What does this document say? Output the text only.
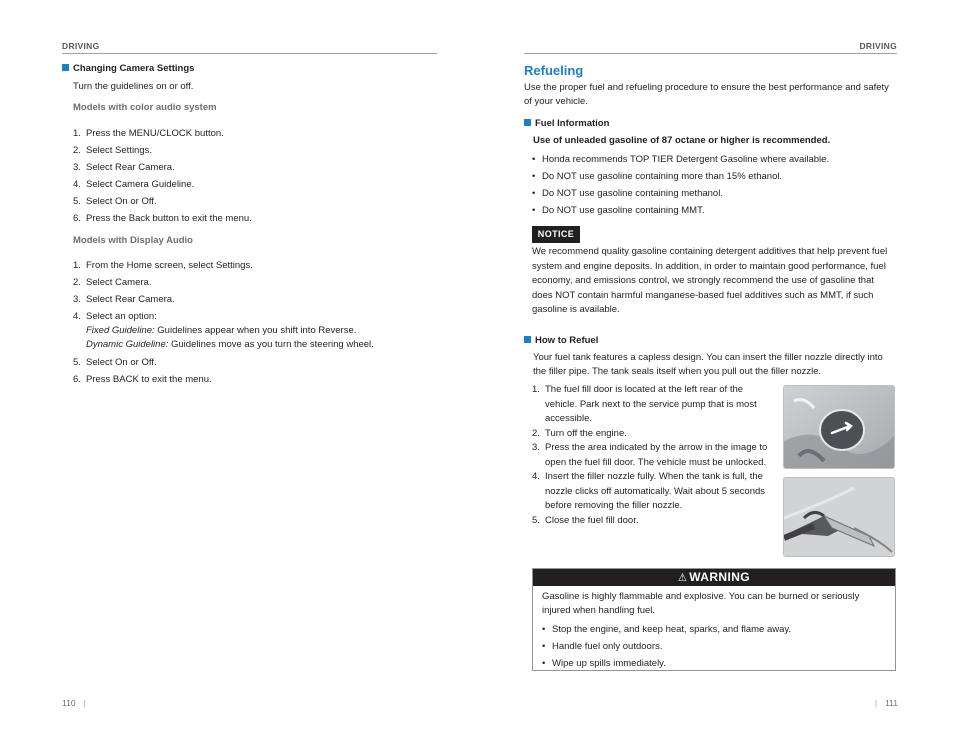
DRIVING
Changing Camera Settings
Turn the guidelines on or off.
Models with color audio system
1. Press the MENU/CLOCK button.
2. Select Settings.
3. Select Rear Camera.
4. Select Camera Guideline.
5. Select On or Off.
6. Press the Back button to exit the menu.
Models with Display Audio
1. From the Home screen, select Settings.
2. Select Camera.
3. Select Rear Camera.
4. Select an option:
Fixed Guideline: Guidelines appear when you shift into Reverse.
Dynamic Guideline: Guidelines move as you turn the steering wheel.
5. Select On or Off.
6. Press BACK to exit the menu.
110 |
DRIVING
Refueling
Use the proper fuel and refueling procedure to ensure the best performance and safety of your vehicle.
Fuel Information
Use of unleaded gasoline of 87 octane or higher is recommended.
• Honda recommends TOP TIER Detergent Gasoline where available.
• Do NOT use gasoline containing more than 15% ethanol.
• Do NOT use gasoline containing methanol.
• Do NOT use gasoline containing MMT.
NOTICE
We recommend quality gasoline containing detergent additives that help prevent fuel system and engine deposits. In addition, in order to maintain good performance, fuel economy, and emissions control, we strongly recommend the use of gasoline that does NOT contain harmful manganese-based fuel additives such as MMT, if such gasoline is available.
How to Refuel
Your fuel tank features a capless design. You can insert the filler nozzle directly into the filler pipe. The tank seals itself when you pull out the filler nozzle.
1. The fuel fill door is located at the left rear of the vehicle. Park next to the service pump that is most accessible.
2. Turn off the engine.
3. Press the area indicated by the arrow in the image to open the fuel fill door. The vehicle must be unlocked.
4. Insert the filler nozzle fully. When the tank is full, the nozzle clicks off automatically. Wait about 5 seconds before removing the filler nozzle.
5. Close the fuel fill door.
⚠ WARNING
Gasoline is highly flammable and explosive. You can be burned or seriously injured when handling fuel.
• Stop the engine, and keep heat, sparks, and flame away.
• Handle fuel only outdoors.
• Wipe up spills immediately.
| 111
